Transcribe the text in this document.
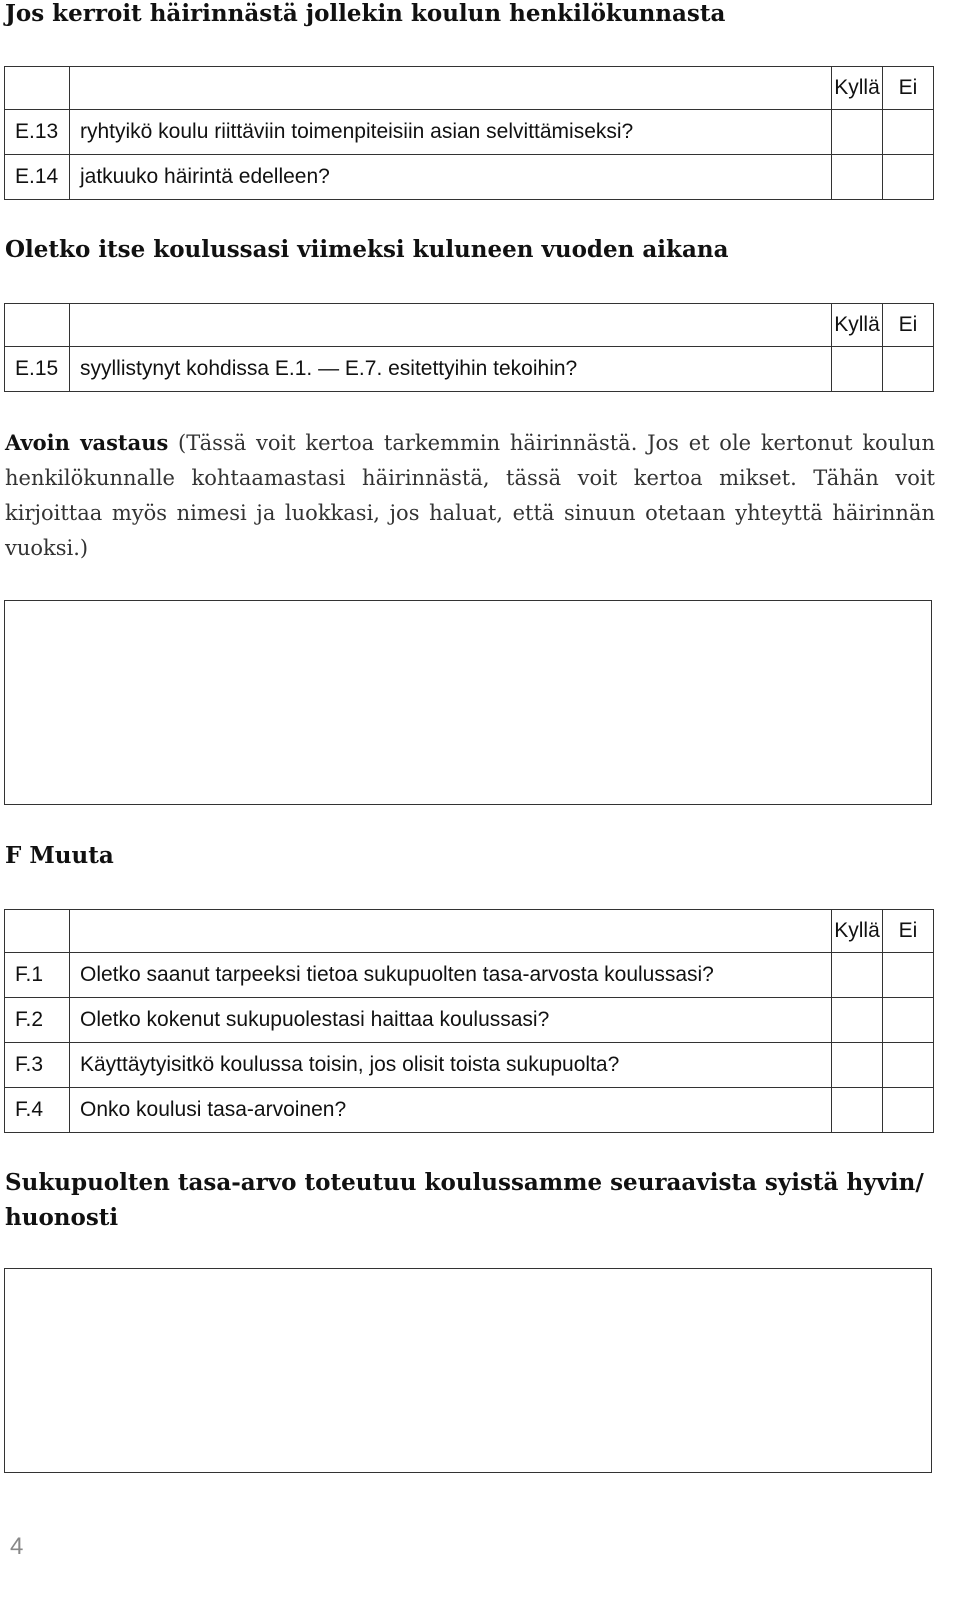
Jos kerroit häirinnästä jollekin koulun henkilökunnasta
		Kyllä	Ei
E.13	ryhtyikö koulu riittäviin toimenpiteisiin asian selvittämiseksi?		
E.14	jatkuuko häirintä edelleen?		
Oletko itse koulussasi viimeksi kuluneen vuoden aikana
		Kyllä	Ei
E.15	syyllistynyt kohdissa E.1. — E.7. esitettyihin tekoihin?		

Avoin vastaus (Tässä voit kertoa tarkemmin häirinnästä. Jos et ole kertonut koulun henkilökunnalle kohtaamastasi häirinnästä, tässä voit kertoa mikset. Tähän voit kirjoittaa myös nimesi ja luokkasi, jos haluat, että sinuun otetaan yhteyttä häirinnän vuoksi.)

F Muuta
		Kyllä	Ei
F.1	Oletko saanut tarpeeksi tietoa sukupuolten tasa-arvosta koulussasi?		
F.2	Oletko kokenut sukupuolestasi haittaa koulussasi?		
F.3	Käyttäytyisitkö koulussa toisin, jos olisit toista sukupuolta?		
F.4	Onko koulusi tasa-arvoinen?		
Sukupuolten tasa-arvo toteutuu koulussamme seuraavista syistä hyvin/ huonosti
4
